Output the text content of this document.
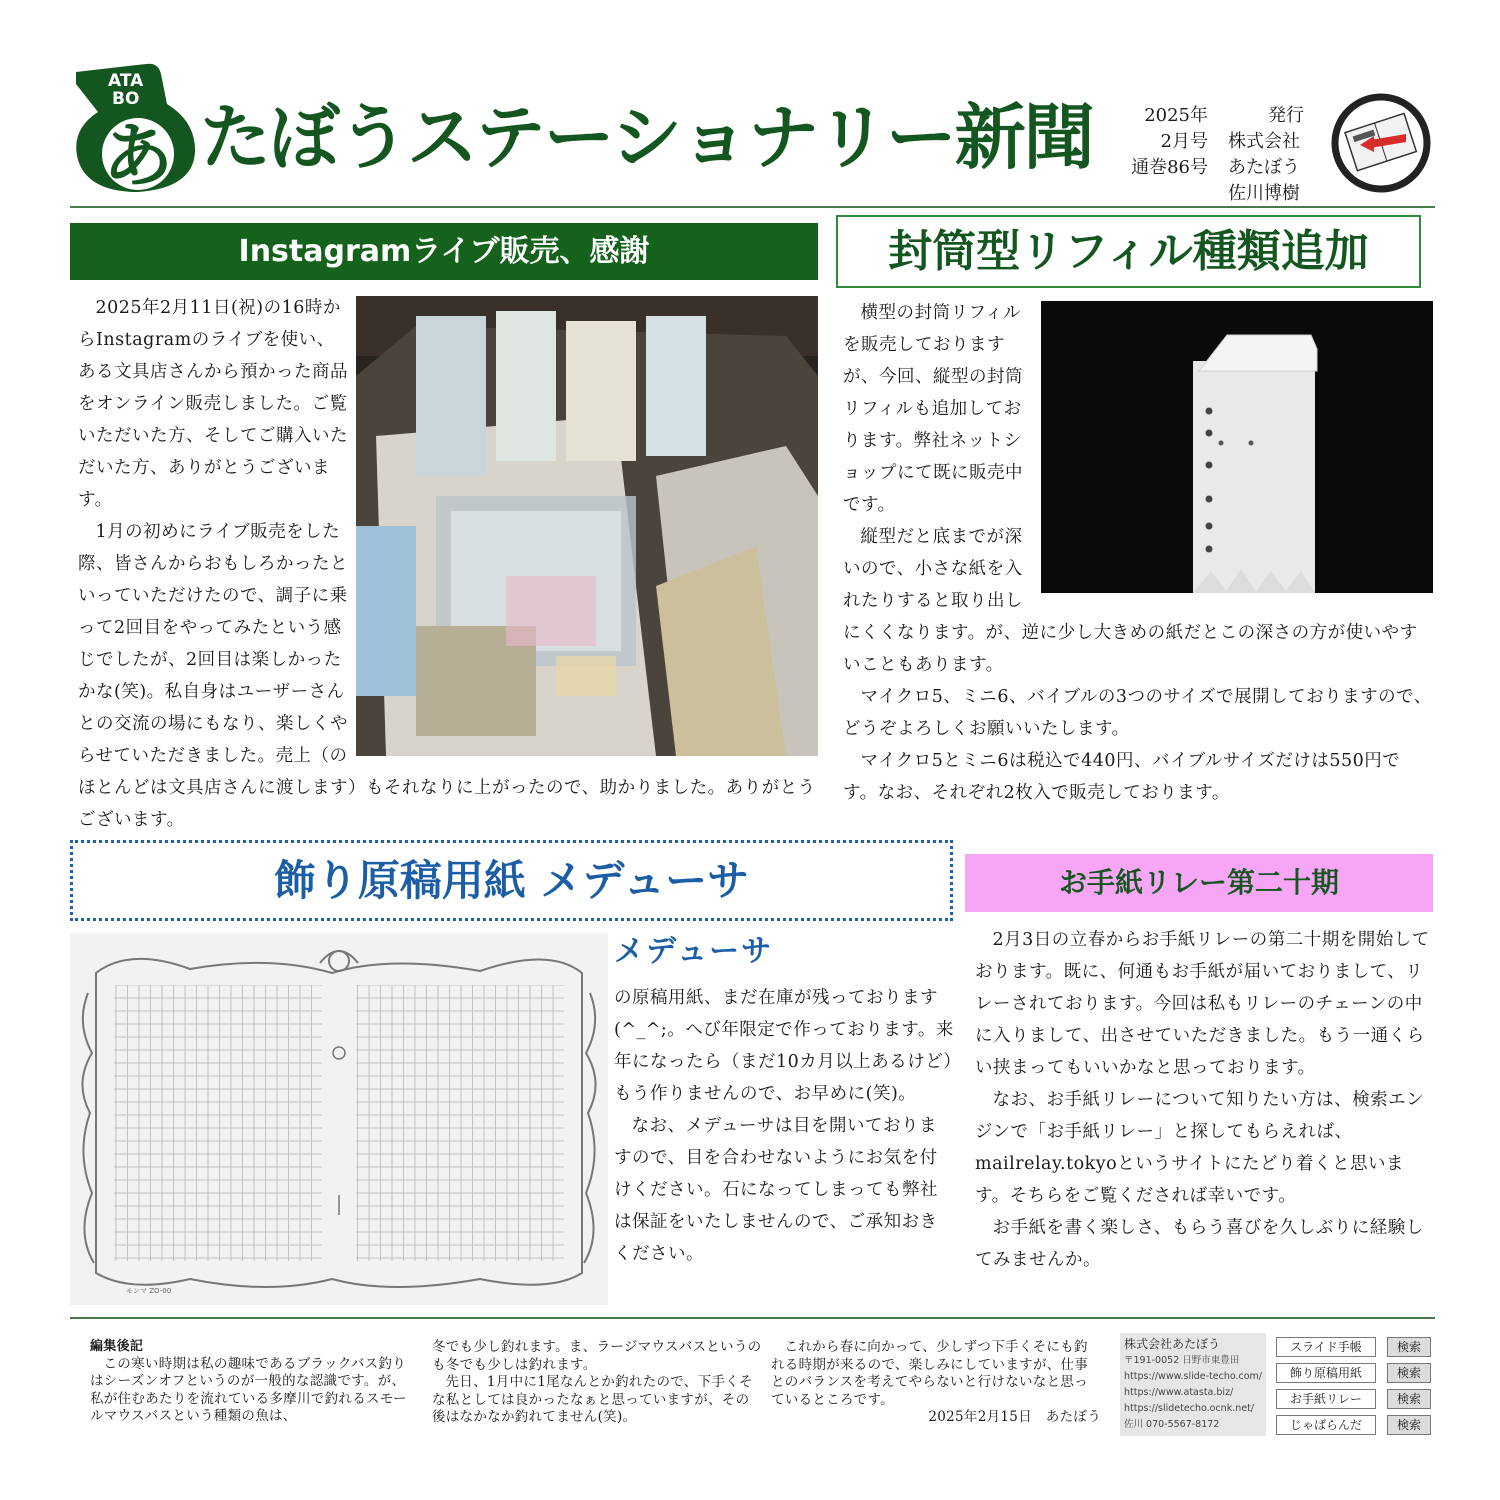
ATA
BO
あ たぼうステーショナリー新聞	2025年
2月号
通巻86号
発行
株式会社
あたぼう
佐川博樹
Instagramライブ販売、感謝

2025年2月11日(祝)の16時からInstagramのライブを使い、ある文具店さんから預かった商品をオンライン販売しました。ご覧いただいた方、そしてご購入いただいた方、ありがとうございます。

1月の初めにライブ販売をした際、皆さんからおもしろかったといっていただけたので、調子に乗って2回目をやってみたという感じでしたが、2回目は楽しかったかな(笑)。私自身はユーザーさんとの交流の場にもなり、楽しくやらせていただきました。売上（のほとんどは文具店さんに渡します）もそれなりに上がったので、助かりました。ありがとうございます。

封筒型リフィル種類追加

横型の封筒リフィルを販売しておりますが、今回、縦型の封筒リフィルも追加しております。弊社ネットショップにて既に販売中です。

縦型だと底までが深いので、小さな紙を入れたりすると取り出しにくくなります。が、逆に少し大きめの紙だとこの深さの方が使いやすいこともあります。

マイクロ5、ミニ6、バイブルの3つのサイズで展開しておりますので、どうぞよろしくお願いいたします。

マイクロ5とミニ6は税込で440円、バイブルサイズだけは550円です。なお、それぞれ2枚入で販売しております。

飾り原稿用紙 メデューサ
モンマ ZO-00
メデューサ

の原稿用紙、まだ在庫が残っております(^_^;。へび年限定で作っております。来年になったら（まだ10カ月以上あるけど）もう作りませんので、お早めに(笑)。

なお、メデューサは目を開いておりますので、目を合わせないようにお気を付けください。石になってしまっても弊社は保証をいたしませんので、ご承知おきください。

お手紙リレー第二十期

2月3日の立春からお手紙リレーの第二十期を開始しております。既に、何通もお手紙が届いておりまして、リレーされております。今回は私もリレーのチェーンの中に入りまして、出させていただきました。もう一通くらい挟まってもいいかなと思っております。

なお、お手紙リレーについて知りたい方は、検索エンジンで「お手紙リレー」と探してもらえれば、mailrelay.tokyoというサイトにたどり着くと思います。そちらをご覧くだされば幸いです。

お手紙を書く楽しさ、もらう喜びを久しぶりに経験してみませんか。

編集後記

この寒い時期は私の趣味であるブラックバス釣りはシーズンオフというのが一般的な認識です。が、私が住むあたりを流れている多摩川で釣れるスモールマウスバスという種類の魚は、

冬でも少し釣れます。ま、ラージマウスバスというのも冬でも少しは釣れます。

先日、1月中に1尾なんとか釣れたので、下手くそな私としては良かったなぁと思っていますが、その後はなかなか釣れてません(笑)。

これから春に向かって、少しずつ下手くそにも釣れる時期が来るので、楽しみにしていますが、仕事とのバランスを考えてやらないと行けないなと思っているところです。

2025年2月15日　あたぼう

株式会社あたぼう
〒191-0052 日野市東豊田
https://www.slide-techo.com/
https://www.atasta.biz/
https://slidetecho.ocnk.net/
佐川 070-5567-8172
スライド手帳	検索
飾り原稿用紙	検索
お手紙リレー	検索
じゃばらんだ	検索
